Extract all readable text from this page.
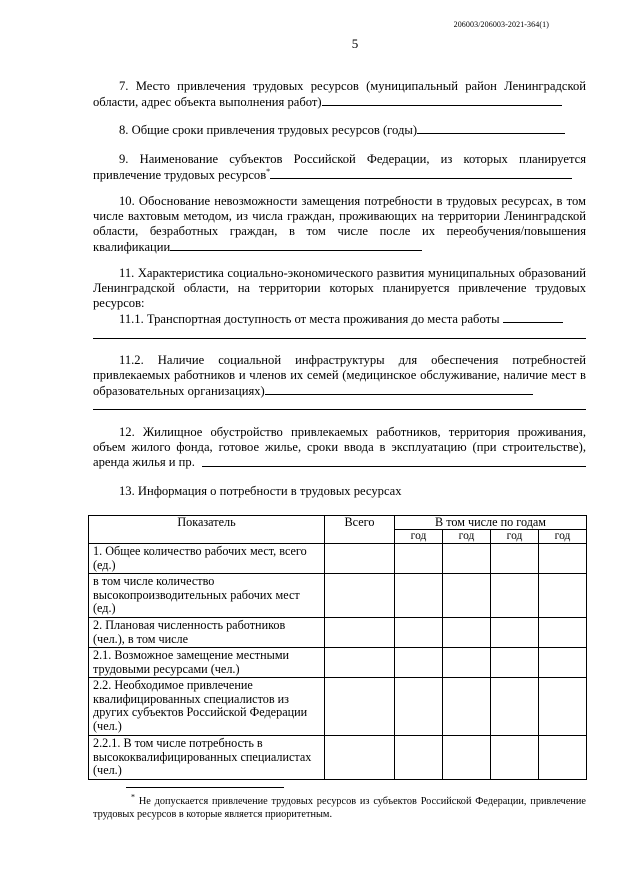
206003/206003-2021-364(1)
5
7. Место привлечения трудовых ресурсов (муниципальный район Ленинградской области, адрес объекта выполнения работ)
8. Общие сроки привлечения трудовых ресурсов (годы)
9. Наименование субъектов Российской Федерации, из которых планируется привлечение трудовых ресурсов*
10. Обоснование невозможности замещения потребности в трудовых ресурсах, в том числе вахтовым методом, из числа граждан, проживающих на территории Ленинградской области, безработных граждан, в том числе после их переобучения/повышения квалификации
11. Характеристика социально-экономического развития муниципальных образований Ленинградской области, на территории которых планируется привлечение трудовых ресурсов:
11.1. Транспортная доступность от места проживания до места работы
11.2. Наличие социальной инфраструктуры для обеспечения потребностей привлекаемых работников и членов их семей (медицинское обслуживание, наличие мест в образовательных организациях)
12. Жилищное обустройство привлекаемых работников, территория проживания, объем жилого фонда, готовое жилье, сроки ввода в эксплуатацию (при строительстве), аренда жилья и пр.
13. Информация о потребности в трудовых ресурсах
Показатель	Всего	В том числе по годам			
		год	год	год	год
1. Общее количество рабочих мест, всего (ед.)					
в том числе количество высокопроизводительных рабочих мест (ед.)					
2. Плановая численность работников (чел.), в том числе					
2.1. Возможное замещение местными трудовыми ресурсами (чел.)					
2.2. Необходимое привлечение квалифицированных специалистов из других субъектов Российской Федерации (чел.)					
2.2.1. В том числе потребность в высококвалифицированных специалистах (чел.)					
* Не допускается привлечение трудовых ресурсов из субъектов Российской Федерации, привлечение трудовых ресурсов в которые является приоритетным.
